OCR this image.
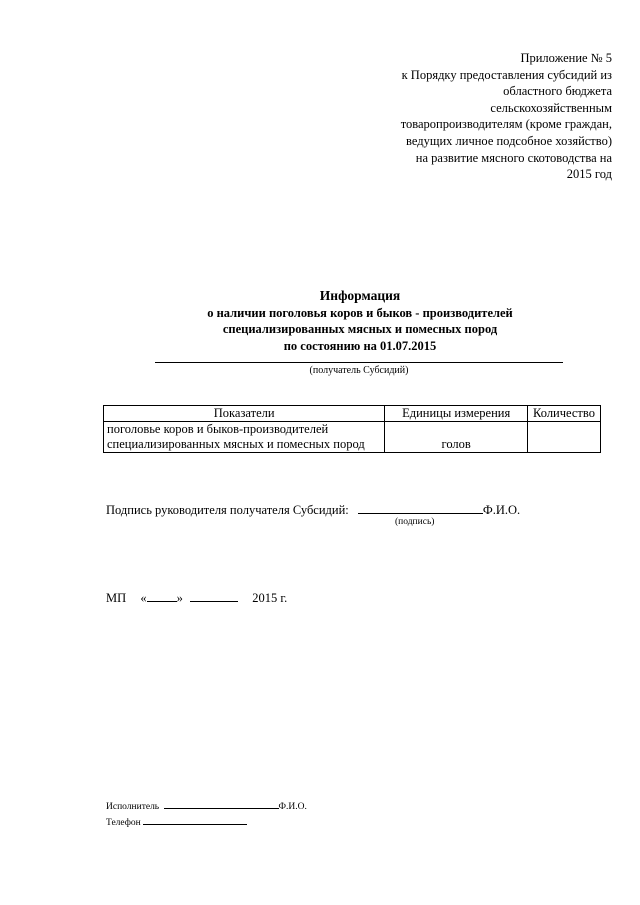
Приложение № 5
к Порядку предоставления субсидий из
областного бюджета
сельскохозяйственным
товаропроизводителям (кроме граждан,
ведущих личное подсобное хозяйство)
на развитие мясного скотоводства на
2015 год
Информация
о наличии поголовья коров и быков - производителей
специализированных мясных и помесных пород
по состоянию на 01.07.2015
(получатель Субсидий)
Показатели	Единицы измерения	Количество

поголовье коров и быков-производителей
специализированных мясных и помесных пород	голов	
Подпись руководителя получателя Субсидий:	Ф.И.О.
(подпись)
МП « »	2015 г.
Исполнитель	Ф.И.О.
Телефон
